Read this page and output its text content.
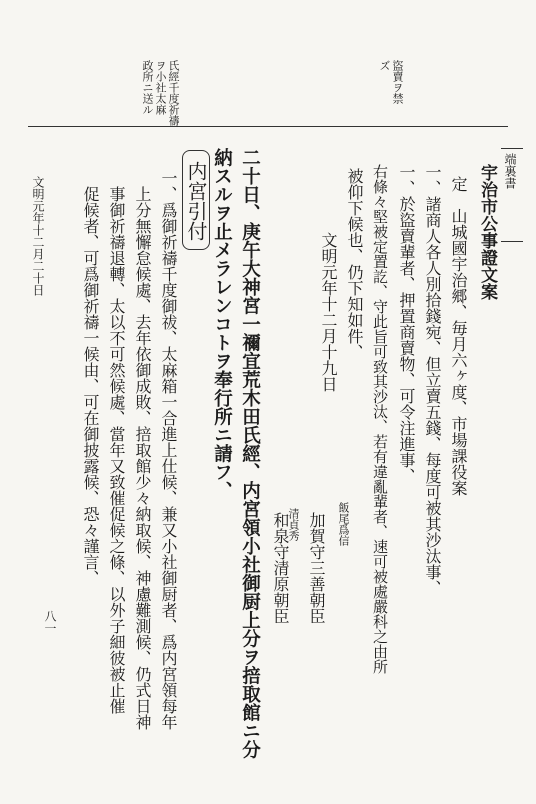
氏經千度祈禱
ヲ小社太麻
政所ニ送ル	盜賣ヲ禁
ズ
端裏書
宇治市公事證文案
定　山城國宇治郷、毎月六ヶ度、市場課役案
一、諸商人各人別拾錢宛、但立賣五錢、每度可被其沙汰事、
一、於盜賣輩者、押置商賣物、可令注進事、
右條々堅被定置訖、守此旨可致其沙汰、若有違亂輩者、速可被處嚴科之由所
被仰下候也、仍下知如件、
文明元年十二月十九日
飯尾爲信
加賀守三善朝臣
清貞秀
和泉守清原朝臣
二十日、庚午大神宮一禰宜荒木田氏經、内宮領小社御厨上分ヲ掊取館ニ分
納スルヲ止メラレンコトヲ奉行所ニ請フ、
内宮引付
一、爲御祈禱千度御祓、太麻箱一合進上仕候、兼又小社御厨者、爲内宮領每年
上分無懈怠候處、去年依御成敗、掊取館少々納取候、神慮難測候、仍式日神
事御祈禱退轉、太以不可然候處、當年又致催促候之條、以外子細彼被止催
促候者、可爲御祈禱一候由、可在御披露候、恐々謹言、
文明元年十二月二十日
八一
